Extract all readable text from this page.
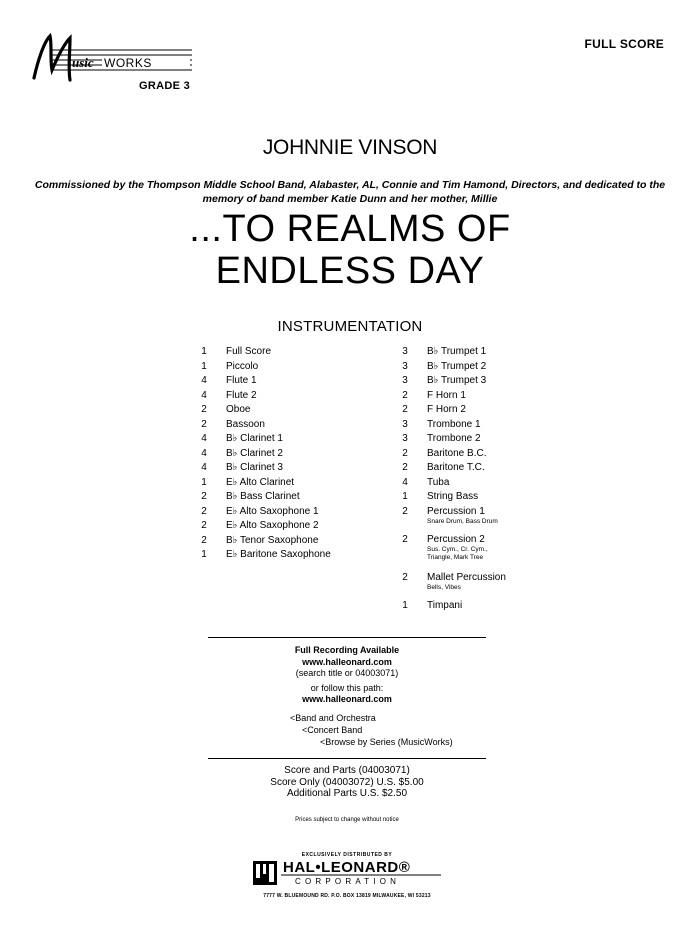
usic WORKS
GRADE 3
FULL SCORE
JOHNNIE VINSON
Commissioned by the Thompson Middle School Band, Alabaster, AL, Connie and Tim Hamond, Directors, and dedicated to the memory of band member Katie Dunn and her mother, Millie
...TO REALMS OF
ENDLESS DAY
INSTRUMENTATION
1	Full Score
1	Piccolo
4	Flute 1
4	Flute 2
2	Oboe
2	Bassoon
4	B♭ Clarinet 1
4	B♭ Clarinet 2
4	B♭ Clarinet 3
1	E♭ Alto Clarinet
2	B♭ Bass Clarinet
2	E♭ Alto Saxophone 1
2	E♭ Alto Saxophone 2
2	B♭ Tenor Saxophone
1	E♭ Baritone Saxophone
3	B♭ Trumpet 1
3	B♭ Trumpet 2
3	B♭ Trumpet 3
2	F Horn 1
2	F Horn 2
3	Trombone 1
3	Trombone 2
2	Baritone B.C.
2	Baritone T.C.
4	Tuba
1	String Bass
2	Percussion 1
Snare Drum, Bass Drum
2	Percussion 2
Sus. Cym., Cr. Cym.,
Triangle, Mark Tree
2	Mallet Percussion
Bells, Vibes
1	Timpani
Full Recording Available
www.halleonard.com
(search title or 04003071)
or follow this path:
www.halleonard.com
<Band and Orchestra
<Concert Band
<Browse by Series (MusicWorks)
Score and Parts (04003071)
Score Only (04003072) U.S. $5.00
Additional Parts U.S. $2.50
Prices subject to change without notice
EXCLUSIVELY DISTRIBUTED BY
HAL•LEONARD®
CORPORATION
7777 W. BLUEMOUND RD. P.O. BOX 13819 MILWAUKEE, WI 53213
